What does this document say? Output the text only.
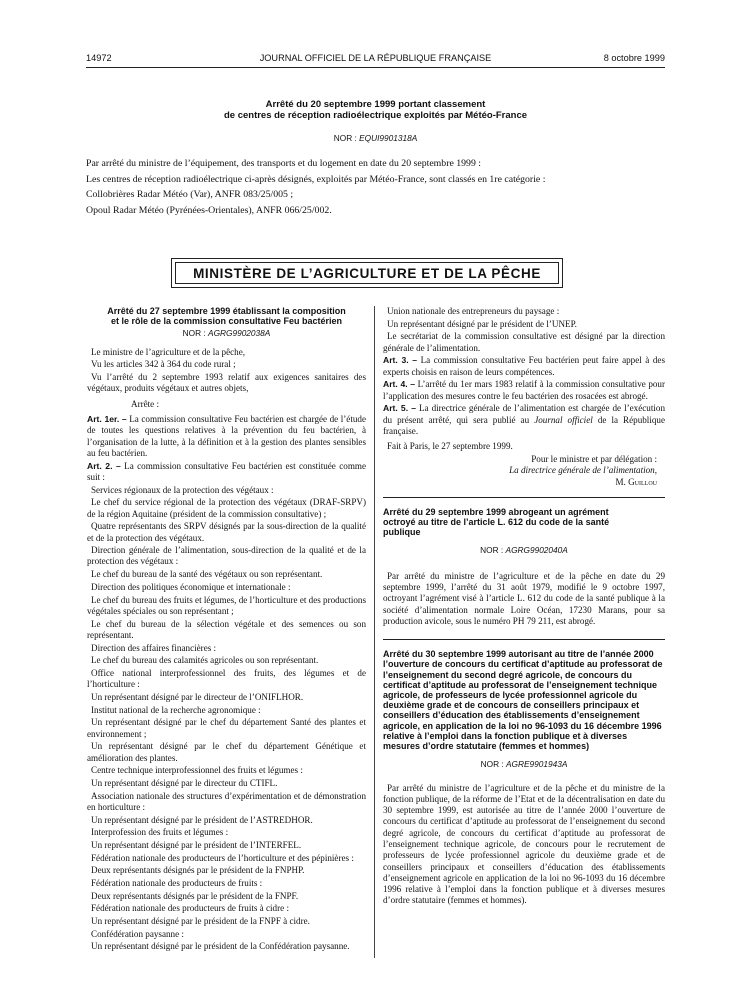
14972	JOURNAL OFFICIEL DE LA RÉPUBLIQUE FRANÇAISE	8 octobre 1999
Arrêté du 20 septembre 1999 portant classement
de centres de réception radioélectrique exploités par Météo-France
NOR : EQUI9901318A

Par arrêté du ministre de l’équipement, des transports et du logement en date du 20 septembre 1999 :

Les centres de réception radioélectrique ci-après désignés, exploités par Météo-France, sont classés en 1re catégorie :

Collobrières Radar Météo (Var), ANFR 083/25/005 ;

Opoul Radar Météo (Pyrénées-Orientales), ANFR 066/25/002.

MINISTÈRE DE L’AGRICULTURE ET DE LA PÊCHE
Arrêté du 27 septembre 1999 établissant la composition
et le rôle de la commission consultative Feu bactérien
NOR : AGRG9902038A

Le ministre de l’agriculture et de la pêche,

Vu les articles 342 à 364 du code rural ;

Vu l’arrêté du 2 septembre 1993 relatif aux exigences sanitaires des végétaux, produits végétaux et autres objets,

Arrête :

Art. 1er. – La commission consultative Feu bactérien est chargée de l’étude de toutes les questions relatives à la prévention du feu bactérien, à l’organisation de la lutte, à la définition et à la gestion des plantes sensibles au feu bactérien.

Art. 2. – La commission consultative Feu bactérien est constituée comme suit :

Services régionaux de la protection des végétaux :

Le chef du service régional de la protection des végétaux (DRAF-SRPV) de la région Aquitaine (président de la commission consultative) ;

Quatre représentants des SRPV désignés par la sous-direction de la qualité et de la protection des végétaux.

Direction générale de l’alimentation, sous-direction de la qualité et de la protection des végétaux :

Le chef du bureau de la santé des végétaux ou son représentant.

Direction des politiques économique et internationale :

Le chef du bureau des fruits et légumes, de l’horticulture et des productions végétales spéciales ou son représentant ;

Le chef du bureau de la sélection végétale et des semences ou son représentant.

Direction des affaires financières :

Le chef du bureau des calamités agricoles ou son représentant.

Office national interprofessionnel des fruits, des légumes et de l’horticulture :

Un représentant désigné par le directeur de l’ONIFLHOR.

Institut national de la recherche agronomique :

Un représentant désigné par le chef du département Santé des plantes et environnement ;

Un représentant désigné par le chef du département Génétique et amélioration des plantes.

Centre technique interprofessionnel des fruits et légumes :

Un représentant désigné par le directeur du CTIFL.

Association nationale des structures d’expérimentation et de démonstration en horticulture :

Un représentant désigné par le président de l’ASTREDHOR.

Interprofession des fruits et légumes :

Un représentant désigné par le président de l’INTERFEL.

Fédération nationale des producteurs de l’horticulture et des pépinières :

Deux représentants désignés par le président de la FNPHP.

Fédération nationale des producteurs de fruits :

Deux représentants désignés par le président de la FNPF.

Fédération nationale des producteurs de fruits à cidre :

Un représentant désigné par le président de la FNPF à cidre.

Confédération paysanne :

Un représentant désigné par le président de la Confédération paysanne.

Union nationale des entrepreneurs du paysage :

Un représentant désigné par le président de l’UNEP.

Le secrétariat de la commission consultative est désigné par la direction générale de l’alimentation.

Art. 3. – La commission consultative Feu bactérien peut faire appel à des experts choisis en raison de leurs compétences.

Art. 4. – L’arrêté du 1er mars 1983 relatif à la commission consultative pour l’application des mesures contre le feu bactérien des rosacées est abrogé.

Art. 5. – La directrice générale de l’alimentation est chargée de l’exécution du présent arrêté, qui sera publié au Journal officiel de la République française.

Fait à Paris, le 27 septembre 1999.

Pour le ministre et par délégation :
La directrice générale de l’alimentation,
M. Guillou
Arrêté du 29 septembre 1999 abrogeant un agrément
octroyé au titre de l’article L. 612 du code de la santé
publique
NOR : AGRG9902040A

Par arrêté du ministre de l’agriculture et de la pêche en date du 29 septembre 1999, l’arrêté du 31 août 1979, modifié le 9 octobre 1997, octroyant l’agrément visé à l’article L. 612 du code de la santé publique à la société d’alimentation normale Loire Océan, 17230 Marans, pour sa production avicole, sous le numéro PH 79 211, est abrogé.

Arrêté du 30 septembre 1999 autorisant au titre de l’année 2000 l’ouverture de concours du certificat d’aptitude au professorat de l’enseignement du second degré agricole, de concours du certificat d’aptitude au professorat de l’enseignement technique agricole, de professeurs de lycée professionnel agricole du deuxième grade et de concours de conseillers principaux et conseillers d’éducation des établissements d’enseignement agricole, en application de la loi no 96-1093 du 16 décembre 1996 relative à l’emploi dans la fonction publique et à diverses mesures d’ordre statutaire (femmes et hommes)
NOR : AGRE9901943A

Par arrêté du ministre de l’agriculture et de la pêche et du ministre de la fonction publique, de la réforme de l’Etat et de la décentralisation en date du 30 septembre 1999, est autorisée au titre de l’année 2000 l’ouverture de concours du certificat d’aptitude au professorat de l’enseignement du second degré agricole, de concours du certificat d’aptitude au professorat de l’enseignement technique agricole, de concours pour le recrutement de professeurs de lycée professionnel agricole du deuxième grade et de conseillers principaux et conseillers d’éducation des établissements d’enseignement agricole en application de la loi no 96-1093 du 16 décembre 1996 relative à l’emploi dans la fonction publique et à diverses mesures d’ordre statutaire (femmes et hommes).
